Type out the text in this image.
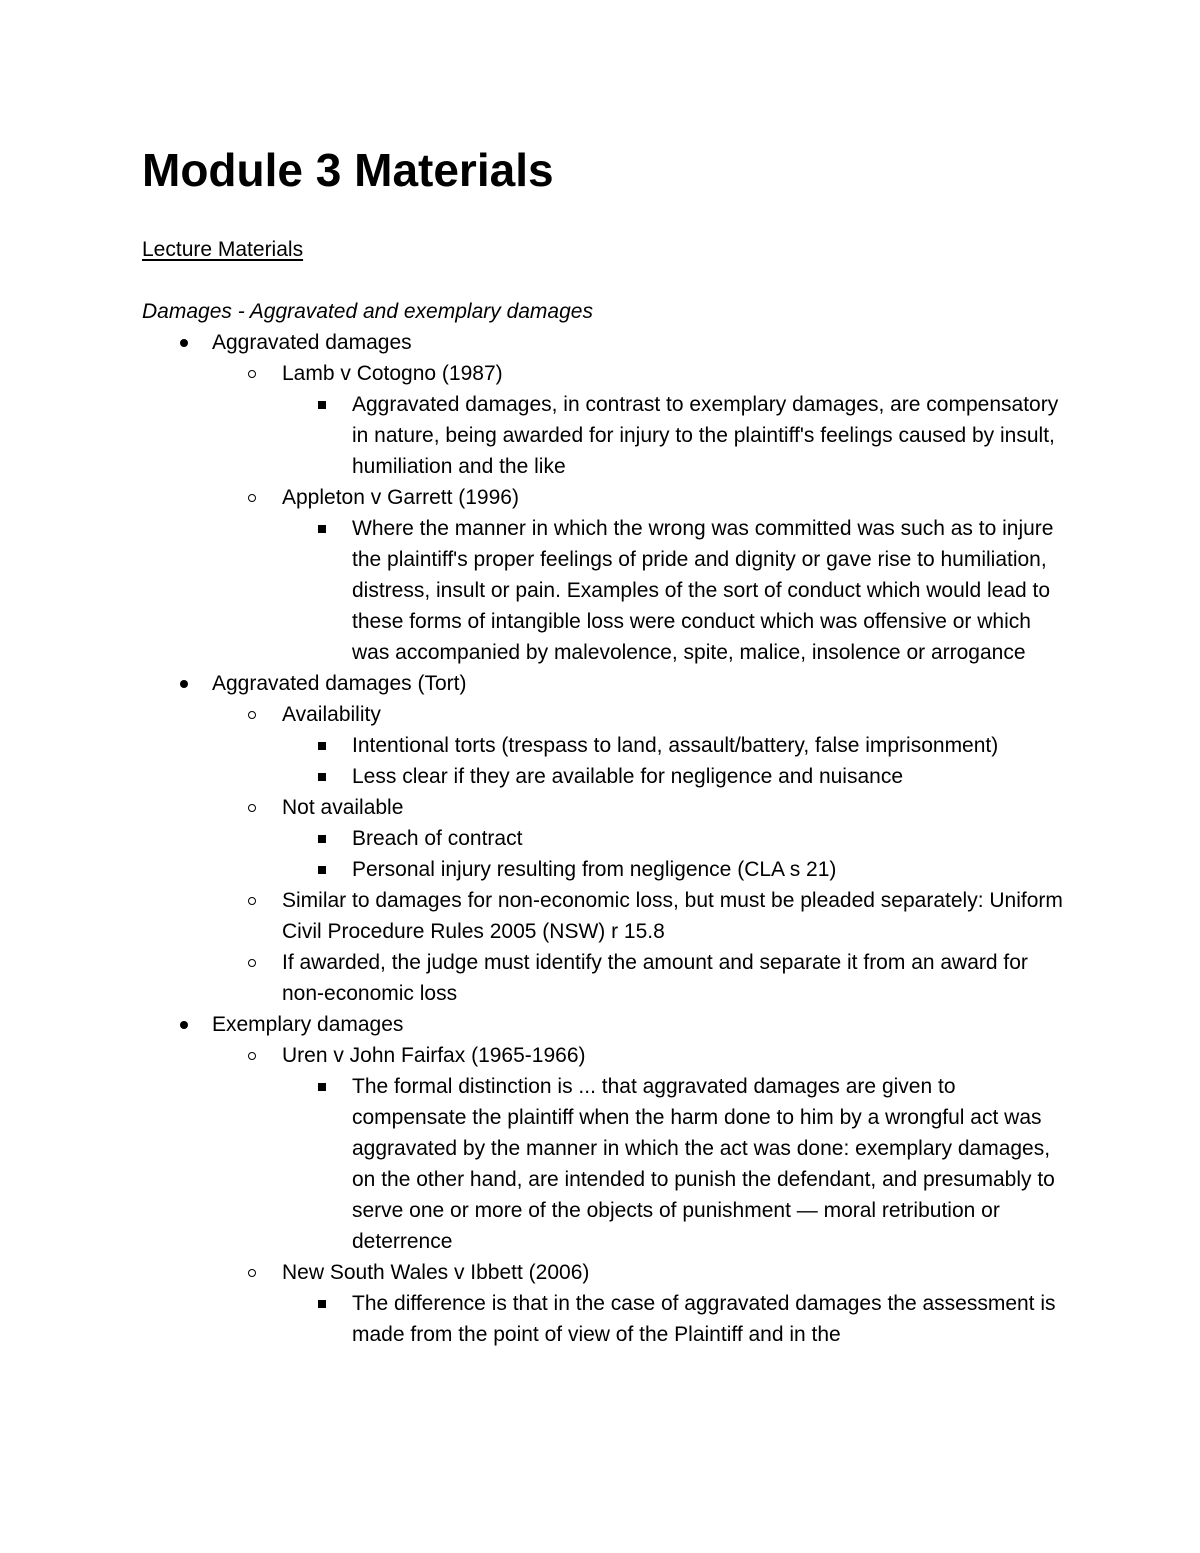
Module 3 Materials
Lecture Materials

Damages - Aggravated and exemplary damages

Aggravated damages
Lamb v Cotogno (1987)
Aggravated damages, in contrast to exemplary damages, are compensatory in nature, being awarded for injury to the plaintiff's feelings caused by insult, humiliation and the like
Appleton v Garrett (1996)
Where the manner in which the wrong was committed was such as to injure the plaintiff's proper feelings of pride and dignity or gave rise to humiliation, distress, insult or pain. Examples of the sort of conduct which would lead to these forms of intangible loss were conduct which was offensive or which was accompanied by malevolence, spite, malice, insolence or arrogance
Aggravated damages (Tort)
Availability
Intentional torts (trespass to land, assault/battery, false imprisonment)
Less clear if they are available for negligence and nuisance
Not available
Breach of contract
Personal injury resulting from negligence (CLA s 21)
Similar to damages for non-economic loss, but must be pleaded separately: Uniform Civil Procedure Rules 2005 (NSW) r 15.8
If awarded, the judge must identify the amount and separate it from an award for non-economic loss
Exemplary damages
Uren v John Fairfax (1965-1966)
The formal distinction is ... that aggravated damages are given to compensate the plaintiff when the harm done to him by a wrongful act was aggravated by the manner in which the act was done: exemplary damages, on the other hand, are intended to punish the defendant, and presumably to serve one or more of the objects of punishment — moral retribution or deterrence
New South Wales v Ibbett (2006)
The difference is that in the case of aggravated damages the assessment is made from the point of view of the Plaintiff and in the
